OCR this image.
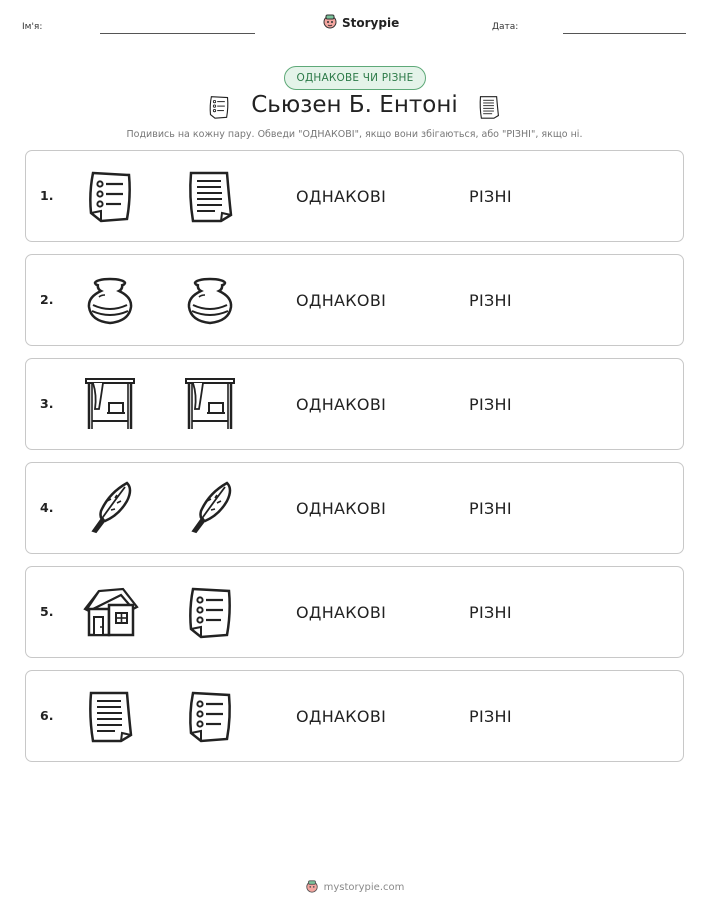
Ім'я:	Storypie	Дата:
ОДНАКОВЕ ЧИ РІЗНЕ
Сьюзен Б. Ентоні
Подивись на кожну пару. Обведи "ОДНАКОВІ", якщо вони збігаються, або "РІЗНІ", якщо ні.
1.	ОДНАКОВІ	РІЗНІ
2.	ОДНАКОВІ	РІЗНІ
3.	ОДНАКОВІ	РІЗНІ
4.	ОДНАКОВІ	РІЗНІ
5.	ОДНАКОВІ	РІЗНІ
6.	ОДНАКОВІ	РІЗНІ
mystorypie.com
